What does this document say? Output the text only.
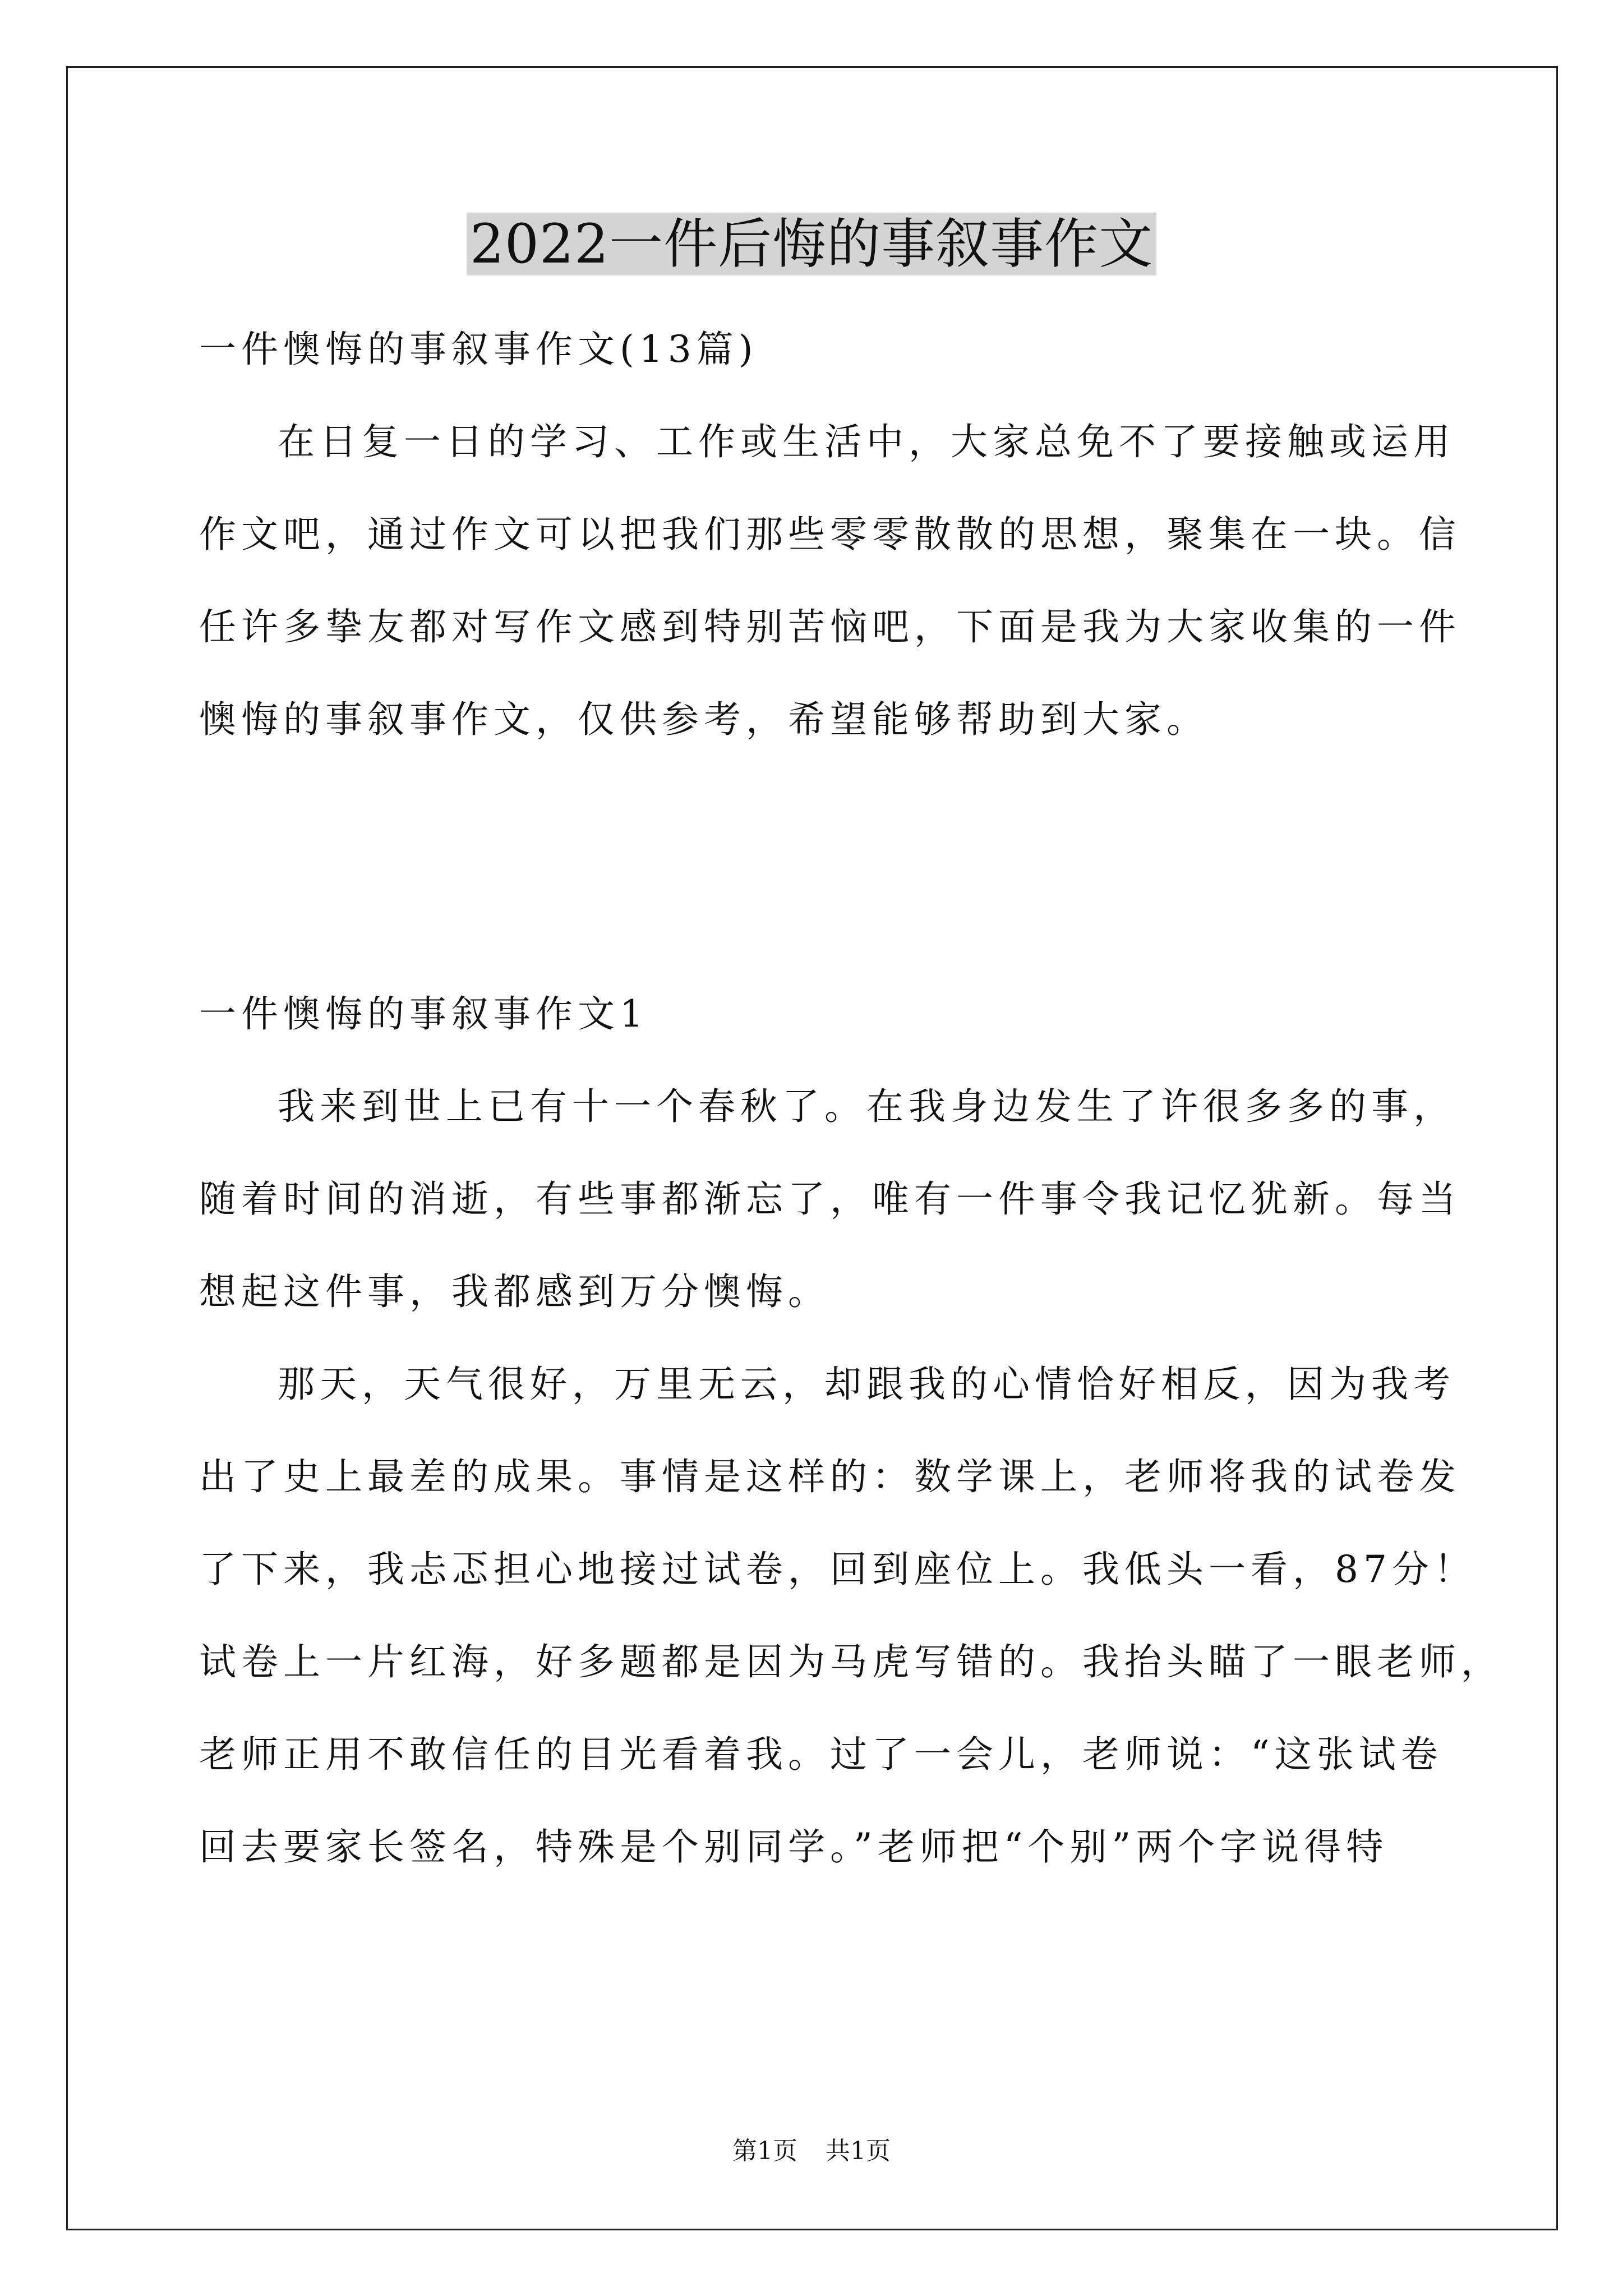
2022一件后悔的事叙事作文
一件懊悔的事叙事作文(13篇)
在日复一日的学习、工作或生活中，大家总免不了要接触或运用
作文吧，通过作文可以把我们那些零零散散的思想，聚集在一块。信
任许多挚友都对写作文感到特别苦恼吧，下面是我为大家收集的一件
懊悔的事叙事作文，仅供参考，希望能够帮助到大家。
一件懊悔的事叙事作文1
我来到世上已有十一个春秋了。在我身边发生了许很多多的事，
随着时间的消逝，有些事都渐忘了，唯有一件事令我记忆犹新。每当
想起这件事，我都感到万分懊悔。
那天，天气很好，万里无云，却跟我的心情恰好相反，因为我考
出了史上最差的成果。事情是这样的：数学课上，老师将我的试卷发
了下来，我忐忑担心地接过试卷，回到座位上。我低头一看，87分！
试卷上一片红海，好多题都是因为马虎写错的。我抬头瞄了一眼老师，
老师正用不敢信任的目光看着我。过了一会儿，老师说：“这张试卷
回去要家长签名，特殊是个别同学。”老师把“个别”两个字说得特
第1页 共1页
